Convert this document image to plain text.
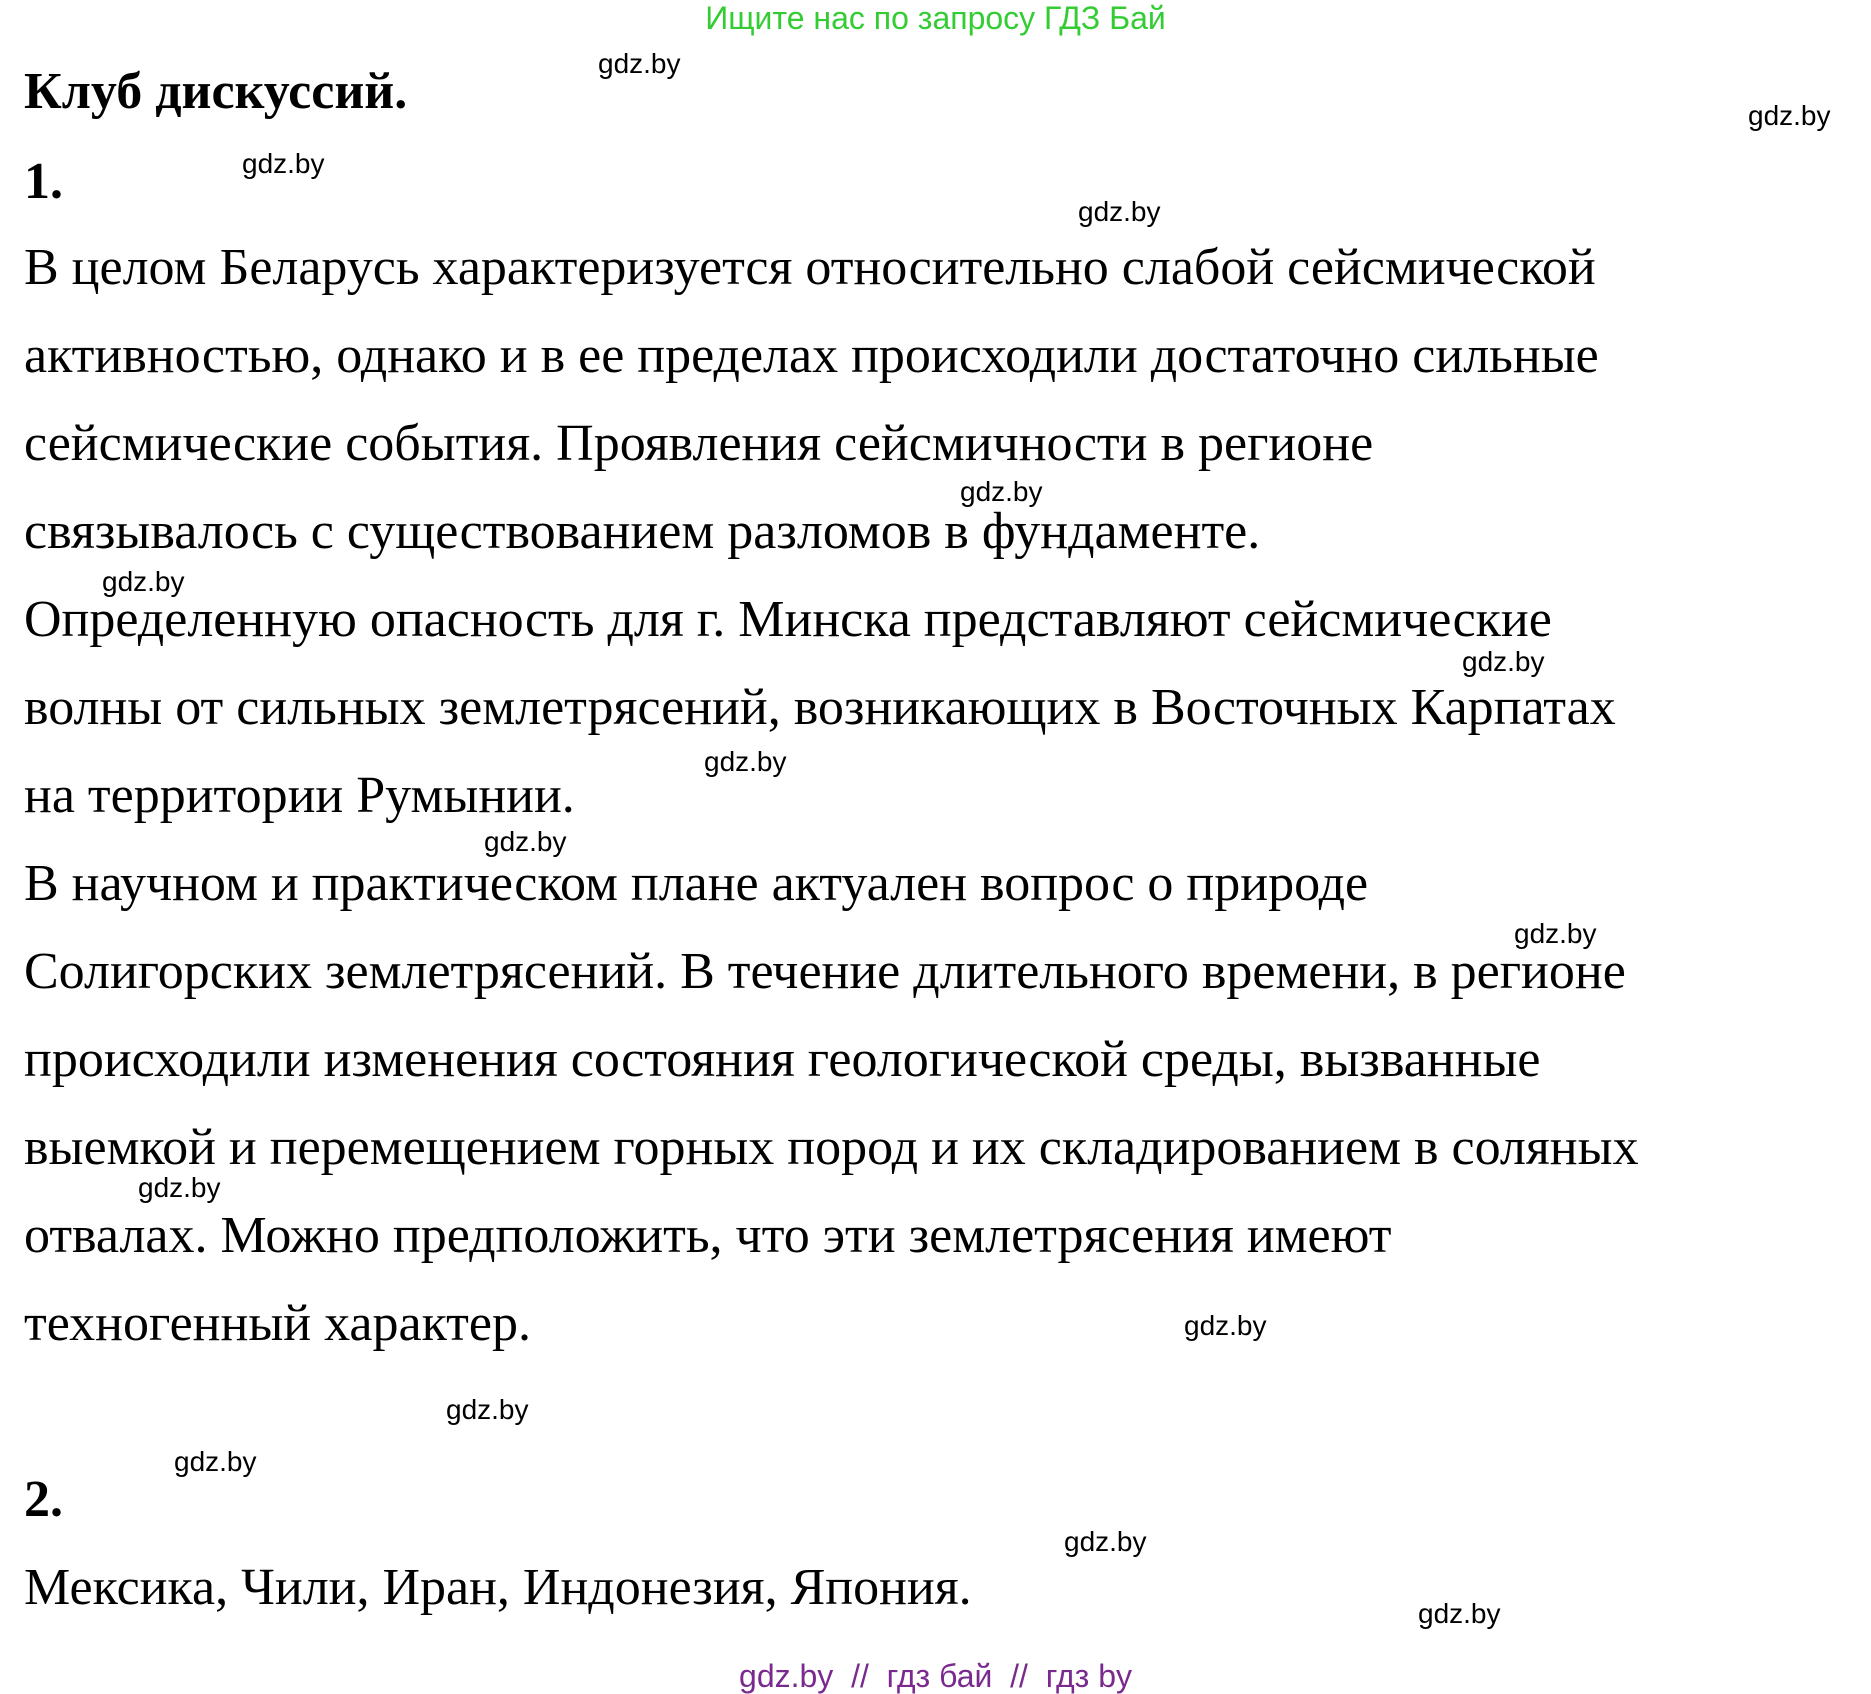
Ищите нас по запросу ГДЗ Бай
Клуб дискуссий.
1.
В целом Беларусь характеризуется относительно слабой сейсмической
активностью, однако и в ее пределах происходили достаточно сильные
сейсмические события. Проявления сейсмичности в регионе
связывалось с существованием разломов в фундаменте.
Определенную опасность для г. Минска представляют сейсмические
волны от сильных землетрясений, возникающих в Восточных Карпатах
на территории Румынии.
В научном и практическом плане актуален вопрос о природе
Солигорских землетрясений. В течение длительного времени, в регионе
происходили изменения состояния геологической среды, вызванные
выемкой и перемещением горных пород и их складированием в соляных
отвалах. Можно предположить, что эти землетрясения имеют
техногенный характер.
2.
Мексика, Чили, Иран, Индонезия, Япония.
gdz.by
gdz.by
gdz.by
gdz.by
gdz.by
gdz.by
gdz.by
gdz.by
gdz.by
gdz.by
gdz.by
gdz.by
gdz.by
gdz.by
gdz.by
gdz.by
gdz.by  //  гдз бай  //  гдз by
